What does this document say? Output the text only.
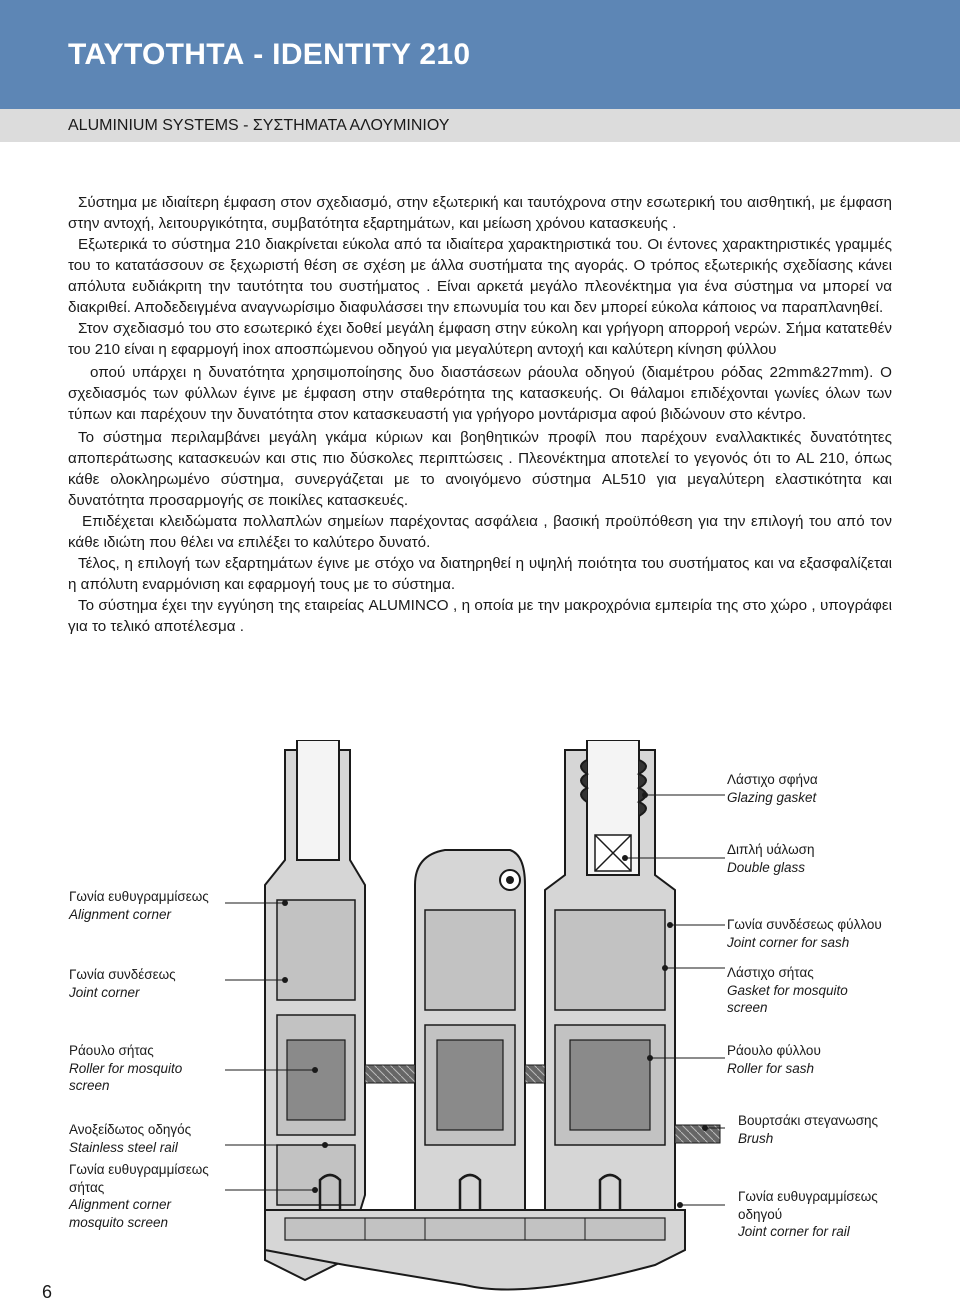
ΤΑΥΤΟΤΗΤΑ - IDENTITY 210
ALUMINIUM SYSTEMS - ΣΥΣΤΗΜΑΤΑ ΑΛΟΥΜΙΝΙΟΥ

Σύστημα με ιδιαίτερη έμφαση στον σχεδιασμό, στην εξωτερική και ταυτόχρονα στην εσωτερική του αισθητική, με έμφαση στην αντοχή, λειτουργικότητα, συμβατότητα εξαρτημάτων, και μείωση χρόνου κατασκευής .

Εξωτερικά το σύστημα 210 διακρίνεται εύκολα από τα ιδιαίτερα χαρακτηριστικά του. Οι έντονες χαρακτηριστικές γραμμές του το κατατάσσουν σε ξεχωριστή θέση σε σχέση με άλλα συστήματα της αγοράς. Ο τρόπος εξωτερικής σχεδίασης κάνει απόλυτα ευδιάκριτη την ταυτότητα του συστήματος . Είναι αρκετά μεγάλο πλεονέκτημα για ένα σύστημα να μπορεί να διακριθεί. Αποδεδειγμένα αναγνωρίσιμο διαφυλάσσει την επωνυμία του και δεν μπορεί εύκολα κάποιος να παραπλανηθεί.

Στον σχεδιασμό του στο εσωτερικό έχει δοθεί μεγάλη έμφαση στην εύκολη και γρήγορη απορροή νερών. Σήμα κατατεθέν του 210 είναι η εφαρμογή inox αποσπώμενου οδηγού για μεγαλύτερη αντοχή και καλύτερη κίνηση φύλλου

οπού υπάρχει η δυνατότητα χρησιμοποίησης δυο διαστάσεων ράουλα οδηγού (διαμέτρου ρόδας 22mm&27mm). Ο σχεδιασμός των φύλλων έγινε με έμφαση στην σταθερότητα της κατασκευής. Οι θάλαμοι επιδέχονται γωνίες όλων των τύπων και παρέχουν την δυνατότητα στον κατασκευαστή για γρήγορο μοντάρισμα αφού βιδώνουν στο κέντρο.

Το σύστημα περιλαμβάνει μεγάλη γκάμα κύριων και βοηθητικών προφίλ που παρέχουν εναλλακτικές δυνατότητες αποπεράτωσης κατασκευών και στις πιο δύσκολες περιπτώσεις . Πλεονέκτημα αποτελεί το γεγονός ότι το AL 210, όπως κάθε ολοκληρωμένο σύστημα, συνεργάζεται με το ανοιγόμενο σύστημα AL510 για μεγαλύτερη ελαστικότητα και δυνατότητα προσαρμογής σε ποικίλες κατασκευές.

Επιδέχεται κλειδώματα πολλαπλών σημείων παρέχοντας ασφάλεια , βασική προϋπόθεση για την επιλογή του από τον κάθε ιδιώτη που θέλει να επιλέξει το καλύτερο δυνατό.

Τέλος, η επιλογή των εξαρτημάτων έγινε με στόχο να διατηρηθεί η υψηλή ποιότητα του συστήματος και να εξασφαλίζεται η απόλυτη εναρμόνιση και εφαρμογή τους με το σύστημα.

Το σύστημα έχει την εγγύηση της εταιρείας ALUMINCO , η οποία με την μακροχρόνια εμπειρία της στο χώρο , υπογράφει για το τελικό αποτέλεσμα .

Γωνία ευθυγραμμίσεως
Alignment corner
Γωνία συνδέσεως
Joint corner
Ράουλο σήτας
Roller for mosquito
screen
Ανοξείδωτος οδηγός
Stainless steel rail
Γωνία ευθυγραμμίσεως
σήτας
Alignment corner
mosquito screen
Λάστιχο σφήνα
Glazing gasket
Διπλή υάλωση
Double glass
Γωνία συνδέσεως φύλλου
Joint corner for sash
Λάστιχο σήτας
Gasket for mosquito
screen
Ράουλο φύλλου
Roller for sash
Βουρτσάκι στεγανωσης
Brush
Γωνία ευθυγραμμίσεως
οδηγού
Joint corner for rail
6
